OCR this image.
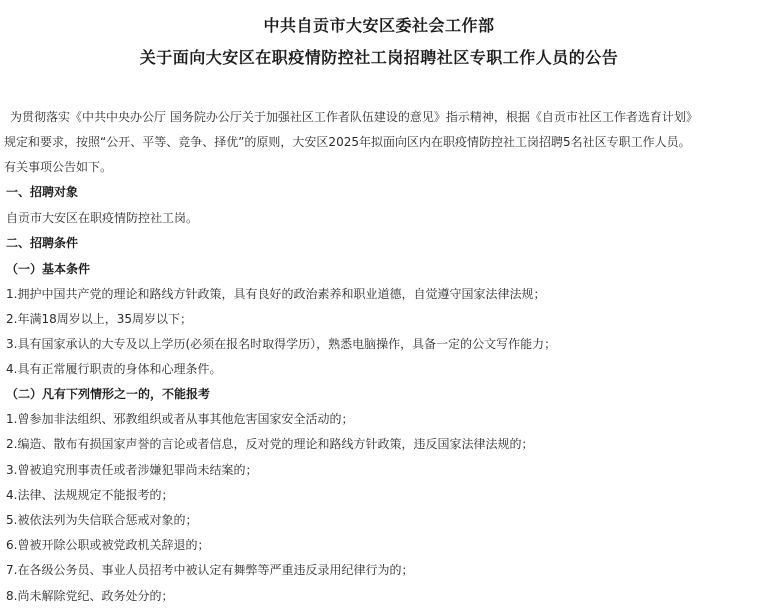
中共自贡市大安区委社会工作部
关于面向大安区在职疫情防控社工岗招聘社区专职工作人员的公告
为贯彻落实《中共中央办公厅 国务院办公厅关于加强社区工作者队伍建设的意见》指示精神，根据《自贡市社区工作者选育计划》
规定和要求，按照“公开、平等、竞争、择优”的原则，大安区2025年拟面向区内在职疫情防控社工岗招聘5名社区专职工作人员。
有关事项公告如下。
一、招聘对象
自贡市大安区在职疫情防控社工岗。
二、招聘条件
（一）基本条件
1.拥护中国共产党的理论和路线方针政策，具有良好的政治素养和职业道德，自觉遵守国家法律法规；
2.年满18周岁以上，35周岁以下；
3.具有国家承认的大专及以上学历(必须在报名时取得学历），熟悉电脑操作，具备一定的公文写作能力；
4.具有正常履行职责的身体和心理条件。
（二）凡有下列情形之一的，不能报考
1.曾参加非法组织、邪教组织或者从事其他危害国家安全活动的；
2.编造、散布有损国家声誉的言论或者信息，反对党的理论和路线方针政策，违反国家法律法规的；
3.曾被追究刑事责任或者涉嫌犯罪尚未结案的；
4.法律、法规规定不能报考的；
5.被依法列为失信联合惩戒对象的；
6.曾被开除公职或被党政机关辞退的；
7.在各级公务员、事业人员招考中被认定有舞弊等严重违反录用纪律行为的；
8.尚未解除党纪、政务处分的；
